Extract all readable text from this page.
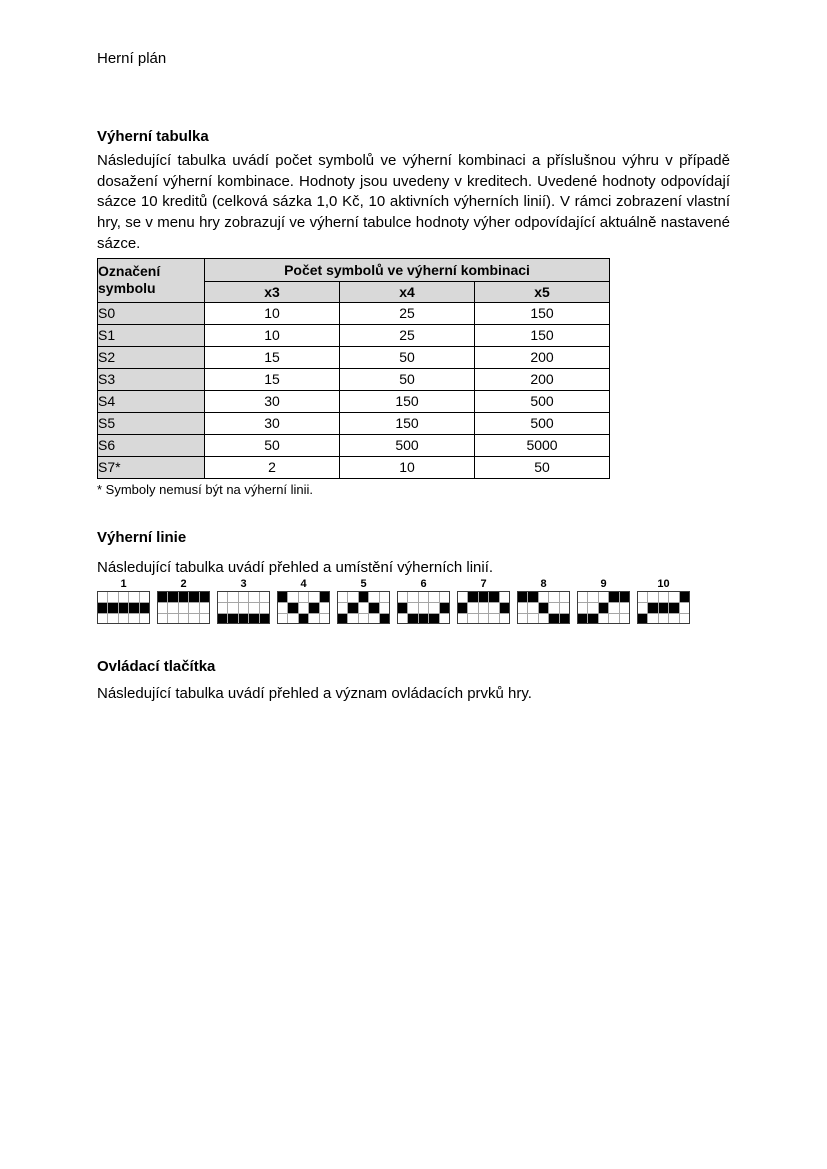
Herní plán
Výherní tabulka

Následující tabulka uvádí počet symbolů ve výherní kombinaci a příslušnou výhru v případě dosažení výherní kombinace. Hodnoty jsou uvedeny v kreditech. Uvedené hodnoty odpovídají sázce 10 kreditů (celková sázka 1,0 Kč, 10 aktivních výherních linií). V rámci zobrazení vlastní hry, se v menu hry zobrazují ve výherní tabulce hodnoty výher odpovídající aktuálně nastavené sázce.

Označení symbolu	Počet symbolů ve výherní kombinaci		
	x3	x4	x5
S0	10	25	150
S1	10	25	150
S2	15	50	200
S3	15	50	200
S4	30	150	500
S5	30	150	500
S6	50	500	5000
S7*	2	10	50
* Symboly nemusí být na výherní linii.
Výherní linie

Následující tabulka uvádí přehled a umístění výherních linií.

1	2	3	4	5	6	7	8	9	10
Ovládací tlačítka

Následující tabulka uvádí přehled a význam ovládacích prvků hry.
